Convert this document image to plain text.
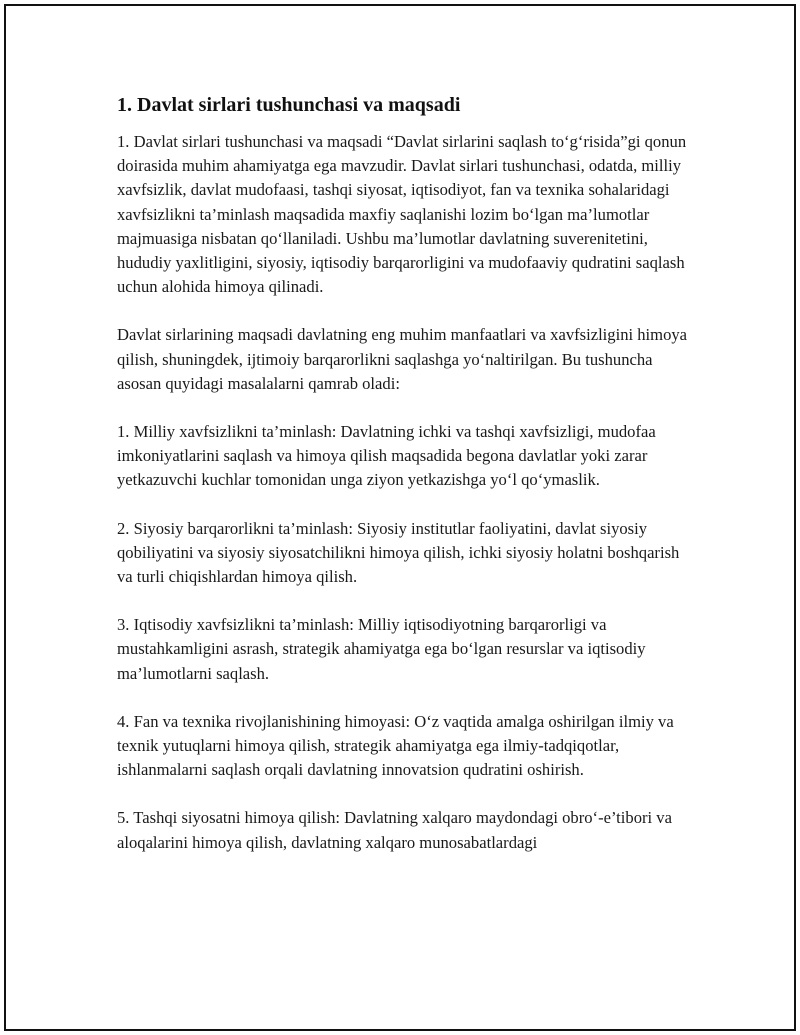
1. Davlat sirlari tushunchasi va maqsadi

1. Davlat sirlari tushunchasi va maqsadi “Davlat sirlarini saqlash to‘g‘risida”gi qonun doirasida muhim ahamiyatga ega mavzudir. Davlat sirlari tushunchasi, odatda, milliy xavfsizlik, davlat mudofaasi, tashqi siyosat, iqtisodiyot, fan va texnika sohalaridagi xavfsizlikni ta’minlash maqsadida maxfiy saqlanishi lozim bo‘lgan ma’lumotlar majmuasiga nisbatan qo‘llaniladi. Ushbu ma’lumotlar davlatning suverenitetini, hududiy yaxlitligini, siyosiy, iqtisodiy barqarorligini va mudofaaviy qudratini saqlash uchun alohida himoya qilinadi.

Davlat sirlarining maqsadi davlatning eng muhim manfaatlari va xavfsizligini himoya qilish, shuningdek, ijtimoiy barqarorlikni saqlashga yo‘naltirilgan. Bu tushuncha asosan quyidagi masalalarni qamrab oladi:

1. Milliy xavfsizlikni ta’minlash: Davlatning ichki va tashqi xavfsizligi, mudofaa imkoniyatlarini saqlash va himoya qilish maqsadida begona davlatlar yoki zarar yetkazuvchi kuchlar tomonidan unga ziyon yetkazishga yo‘l qo‘ymaslik.

2. Siyosiy barqarorlikni ta’minlash: Siyosiy institutlar faoliyatini, davlat siyosiy qobiliyatini va siyosiy siyosatchilikni himoya qilish, ichki siyosiy holatni boshqarish va turli chiqishlardan himoya qilish.

3. Iqtisodiy xavfsizlikni ta’minlash: Milliy iqtisodiyotning barqarorligi va mustahkamligini asrash, strategik ahamiyatga ega bo‘lgan resurslar va iqtisodiy ma’lumotlarni saqlash.

4. Fan va texnika rivojlanishining himoyasi: O‘z vaqtida amalga oshirilgan ilmiy va texnik yutuqlarni himoya qilish, strategik ahamiyatga ega ilmiy-tadqiqotlar, ishlanmalarni saqlash orqali davlatning innovatsion qudratini oshirish.

5. Tashqi siyosatni himoya qilish: Davlatning xalqaro maydondagi obro‘-e’tibori va aloqalarini himoya qilish, davlatning xalqaro munosabatlardagi
